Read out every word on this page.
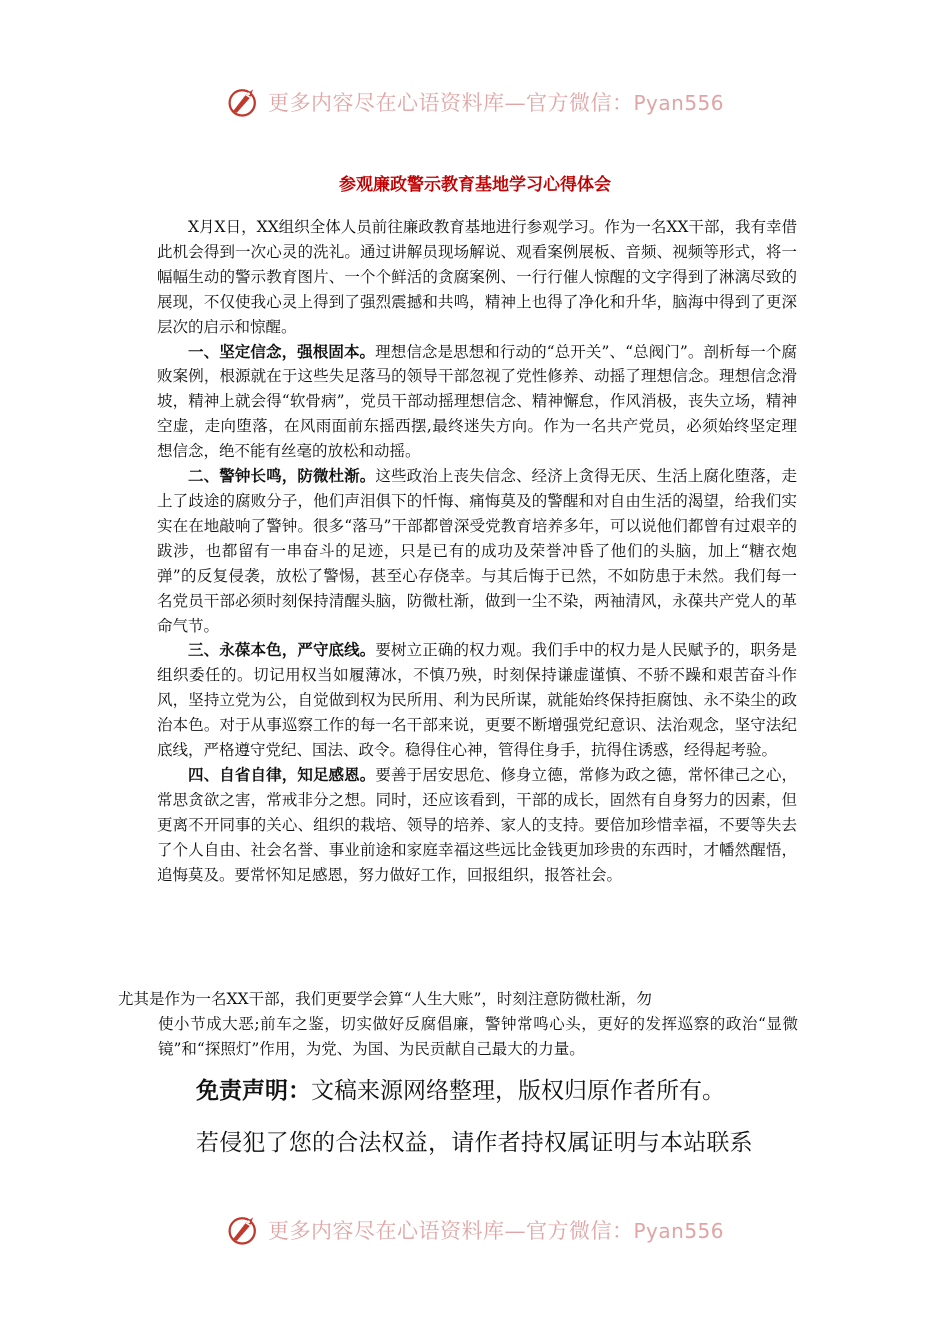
更多内容尽在心语资料库—官方微信：Pyan556
参观廉政警示教育基地学习心得体会

X月X日，XX组织全体人员前往廉政教育基地进行参观学习。作为一名XX干部，我有幸借此机会得到一次心灵的洗礼。通过讲解员现场解说、观看案例展板、音频、视频等形式，将一幅幅生动的警示教育图片、一个个鲜活的贪腐案例、一行行催人惊醒的文字得到了淋漓尽致的展现，不仅使我心灵上得到了强烈震撼和共鸣，精神上也得了净化和升华，脑海中得到了更深层次的启示和惊醒。

一、坚定信念，强根固本。理想信念是思想和行动的“总开关”、“总阀门”。剖析每一个腐败案例，根源就在于这些失足落马的领导干部忽视了党性修养、动摇了理想信念。理想信念滑坡，精神上就会得“软骨病”，党员干部动摇理想信念、精神懈怠，作风消极，丧失立场，精神空虚，走向堕落，在风雨面前东摇西摆,最终迷失方向。作为一名共产党员，必须始终坚定理想信念，绝不能有丝毫的放松和动摇。

二、警钟长鸣，防微杜渐。这些政治上丧失信念、经济上贪得无厌、生活上腐化堕落，走上了歧途的腐败分子，他们声泪俱下的忏悔、痛悔莫及的警醒和对自由生活的渴望，给我们实实在在地敲响了警钟。很多“落马”干部都曾深受党教育培养多年，可以说他们都曾有过艰辛的跋涉，也都留有一串奋斗的足迹，只是已有的成功及荣誉冲昏了他们的头脑，加上“糖衣炮弹”的反复侵袭，放松了警惕，甚至心存侥幸。与其后悔于已然，不如防患于未然。我们每一名党员干部必须时刻保持清醒头脑，防微杜渐，做到一尘不染，两袖清风，永葆共产党人的革命气节。

三、永葆本色，严守底线。要树立正确的权力观。我们手中的权力是人民赋予的，职务是组织委任的。切记用权当如履薄冰，不慎乃殃，时刻保持谦虚谨慎、不骄不躁和艰苦奋斗作风，坚持立党为公，自觉做到权为民所用、利为民所谋，就能始终保持拒腐蚀、永不染尘的政治本色。对于从事巡察工作的每一名干部来说，更要不断增强党纪意识、法治观念，坚守法纪底线，严格遵守党纪、国法、政令。稳得住心神，管得住身手，抗得住诱惑，经得起考验。

四、自省自律，知足感恩。要善于居安思危、修身立德，常修为政之德，常怀律己之心，常思贪欲之害，常戒非分之想。同时，还应该看到，干部的成长，固然有自身努力的因素，但更离不开同事的关心、组织的栽培、领导的培养、家人的支持。要倍加珍惜幸福，不要等失去了个人自由、社会名誉、事业前途和家庭幸福这些远比金钱更加珍贵的东西时，才幡然醒悟，追悔莫及。要常怀知足感恩，努力做好工作，回报组织，报答社会。

尤其是作为一名XX干部，我们更要学会算“人生大账”，时刻注意防微杜渐，勿
使小节成大恶;前车之鉴，切实做好反腐倡廉，警钟常鸣心头，更好的发挥巡察的政治“显微镜”和“探照灯”作用，为党、为国、为民贡献自己最大的力量。

免责声明：文稿来源网络整理，版权归原作者所有。

若侵犯了您的合法权益，请作者持权属证明与本站联系

更多内容尽在心语资料库—官方微信：Pyan556
